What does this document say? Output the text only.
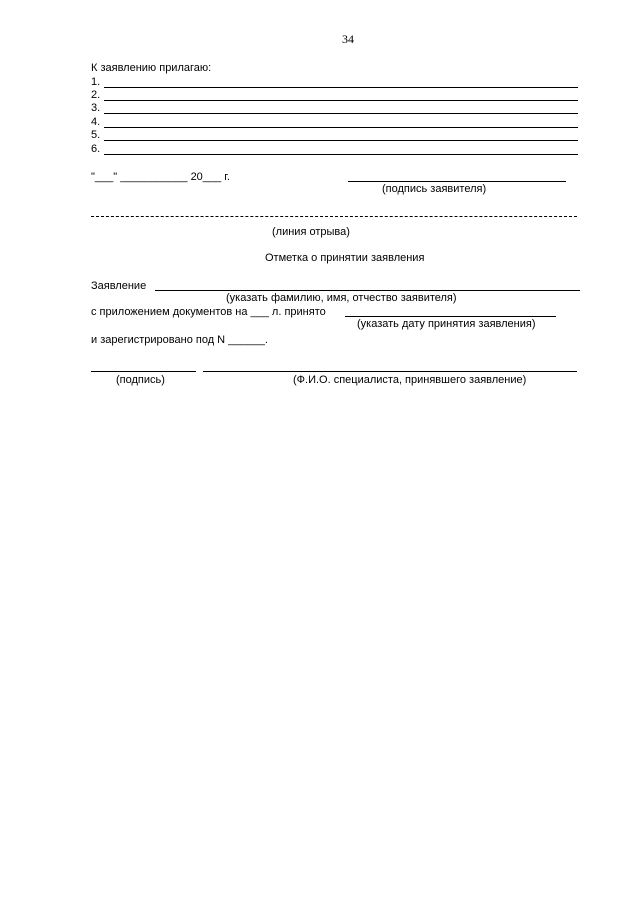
34
К заявлению прилагаю:
1.
2.
3.
4.
5.
6.
"___" ___________ 20___ г.
(подпись заявителя)
(линия отрыва)
Отметка о принятии заявления
Заявление
(указать фамилию, имя, отчество заявителя)
с приложением документов на ___ л. принято
(указать дату принятия заявления)
и зарегистрировано под N ______.
(подпись)	(Ф.И.О. специалиста, принявшего заявление)
